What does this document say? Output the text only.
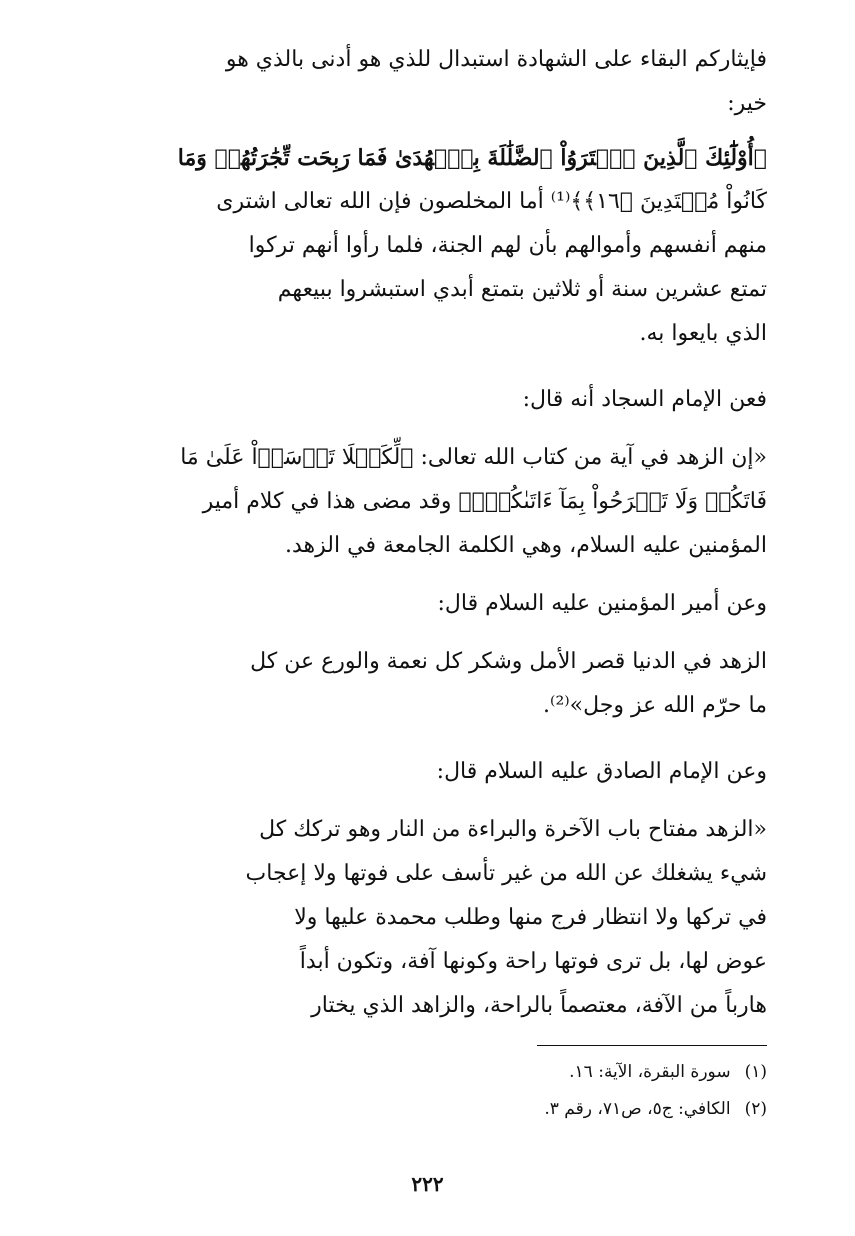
فإيثاركم البقاء على الشهادة استبدال للذي هو أدنى بالذي هو
خير:
﴿أُوْلَٰٓئِكَ ٱلَّذِينَ ٱشۡتَرَوُاْ ٱلضَّلَٰلَةَ بِٱلۡهُدَىٰ فَمَا رَبِحَت تِّجَٰرَتُهُمۡ وَمَا
كَانُواْ مُهۡتَدِينَ ﴿١٦﴾﴾⁽¹⁾ أما المخلصون فإن الله تعالى اشترى
منهم أنفسهم وأموالهم بأن لهم الجنة، فلما رأوا أنهم تركوا
تمتع عشرين سنة أو ثلاثين بتمتع أبدي استبشروا ببيعهم
الذي بايعوا به.
فعن الإمام السجاد أنه قال:
«إن الزهد في آية من كتاب الله تعالى: ﴿لِّكَيۡلَا تَأۡسَوۡاْ عَلَىٰ مَا
فَاتَكُمۡ وَلَا تَفۡرَحُواْ بِمَآ ءَاتَىٰكُمۡۗ﴾ وقد مضى هذا في كلام أمير
المؤمنين عليه السلام، وهي الكلمة الجامعة في الزهد.
وعن أمير المؤمنين عليه السلام قال:
الزهد في الدنيا قصر الأمل وشكر كل نعمة والورع عن كل
ما حرّم الله عز وجل»⁽²⁾.
وعن الإمام الصادق عليه السلام قال:
«الزهد مفتاح باب الآخرة والبراءة من النار وهو تركك كل
شيء يشغلك عن الله من غير تأسف على فوتها ولا إعجاب
في تركها ولا انتظار فرج منها وطلب محمدة عليها ولا
عوض لها، بل ترى فوتها راحة وكونها آفة، وتكون أبداً
هارباً من الآفة، معتصماً بالراحة، والزاهد الذي يختار
(١)سورة البقرة، الآية: ١٦.
(٢)الكافي: ج٥، ص٧١، رقم ٣.
٢٢٢
